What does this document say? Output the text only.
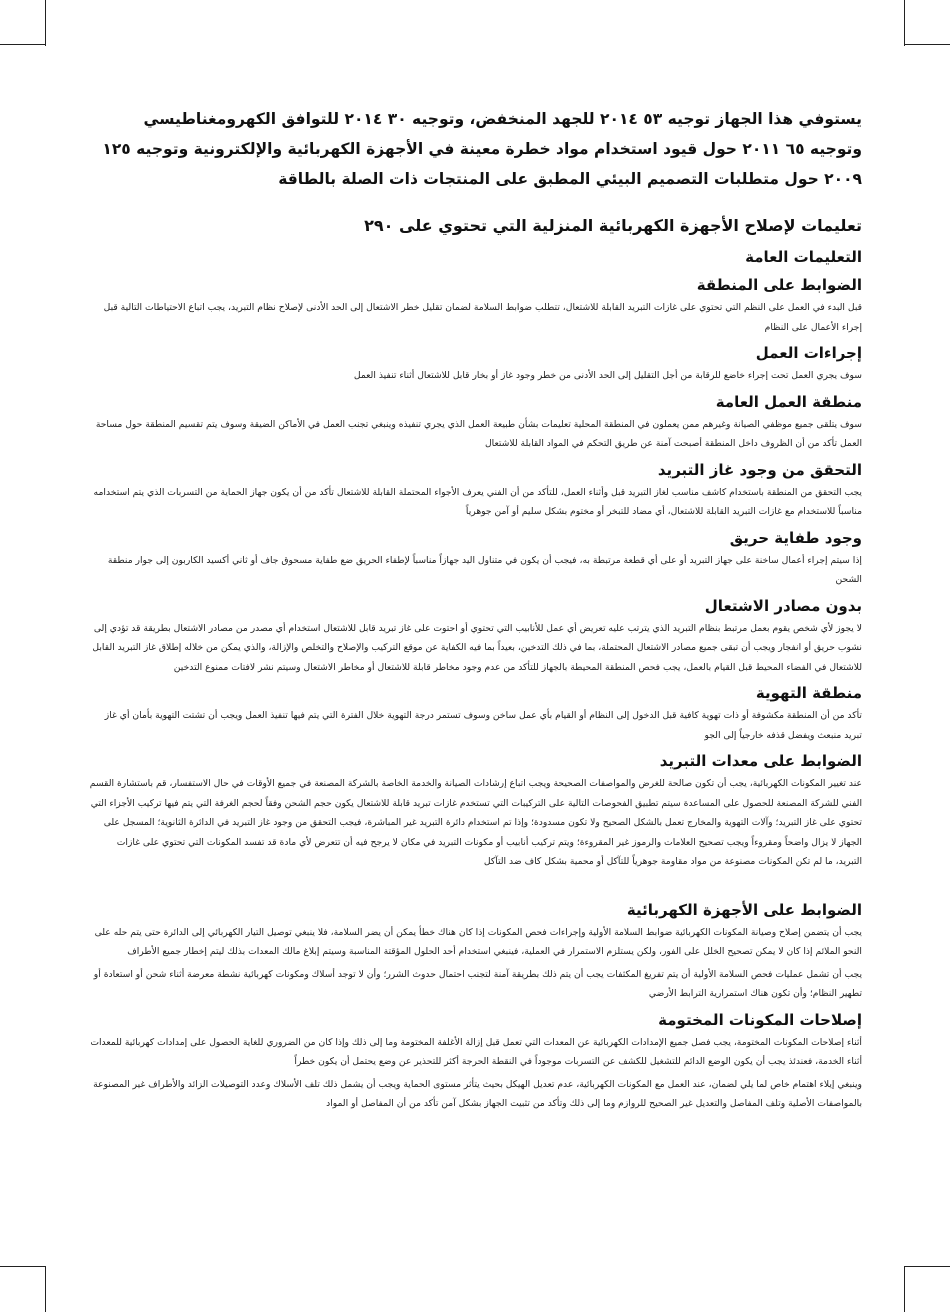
يستوفي هذا الجهاز توجيه ٥٣ ٢٠١٤ للجهد المنخفض، وتوجيه ٣٠ ٢٠١٤ للتوافق الكهرومغناطيسي وتوجيه ٦٥ ٢٠١١ حول قيود استخدام مواد خطرة معينة في الأجهزة الكهربائية والإلكترونية وتوجيه ١٢٥ ٢٠٠٩ حول متطلبات التصميم البيئي المطبق على المنتجات ذات الصلة بالطاقة

تعليمات لإصلاح الأجهزة الكهربائية المنزلية التي تحتوي على ٢٩٠
التعليمات العامة
الضوابط على المنطقة

قبل البدء في العمل على النظم التي تحتوي على غازات التبريد القابلة للاشتعال، تتطلب ضوابط السلامة لضمان تقليل خطر الاشتعال إلى الحد الأدنى لإصلاح نظام التبريد، يجب اتباع الاحتياطات التالية قبل إجراء الأعمال على النظام

إجراءات العمل

سوف يجري العمل تحت إجراء خاضع للرقابة من أجل التقليل إلى الحد الأدنى من خطر وجود غاز أو بخار قابل للاشتعال أثناء تنفيذ العمل

منطقة العمل العامة

سوف يتلقى جميع موظفي الصيانة وغيرهم ممن يعملون في المنطقة المحلية تعليمات بشأن طبيعة العمل الذي يجري تنفيذه وينبغي تجنب العمل في الأماكن الضيقة وسوف يتم تقسيم المنطقة حول مساحة العمل تأكد من أن الظروف داخل المنطقة أصبحت آمنة عن طريق التحكم في المواد القابلة للاشتعال

التحقق من وجود غاز التبريد

يجب التحقق من المنطقة باستخدام كاشف مناسب لغاز التبريد قبل وأثناء العمل، للتأكد من أن الفني يعرف الأجواء المحتملة القابلة للاشتعال تأكد من أن يكون جهاز الحماية من التسربات الذي يتم استخدامه مناسباً للاستخدام مع غازات التبريد القابلة للاشتعال، أي مضاد للتبخر أو مختوم بشكل سليم أو آمن جوهرياً

وجود طفاية حريق

إذا سيتم إجراء أعمال ساخنة على جهاز التبريد أو على أي قطعة مرتبطة به، فيجب أن يكون في متناول اليد جهازاً مناسباً لإطفاء الحريق ضع طفاية مسحوق جاف أو ثاني أكسيد الكاربون إلى جوار منطقة الشحن

بدون مصادر الاشتعال

لا يجوز لأي شخص يقوم بعمل مرتبط بنظام التبريد الذي يترتب عليه تعريض أي عمل للأنابيب التي تحتوي أو احتوت على غاز تبريد قابل للاشتعال استخدام أي مصدر من مصادر الاشتعال بطريقة قد تؤدي إلى نشوب حريق أو انفجار ويجب أن تبقى جميع مصادر الاشتعال المحتملة، بما في ذلك التدخين، بعيداً بما فيه الكفاية عن موقع التركيب والإصلاح والتخلص والإزالة، والذي يمكن من خلاله إطلاق غاز التبريد القابل للاشتعال في الفضاء المحيط قبل القيام بالعمل، يجب فحص المنطقة المحيطة بالجهاز للتأكد من عدم وجود مخاطر قابلة للاشتعال أو مخاطر الاشتعال وسيتم نشر لافتات ممنوع التدخين

منطقة التهوية

تأكد من أن المنطقة مكشوفة أو ذات تهوية كافية قبل الدخول إلى النظام أو القيام بأي عمل ساخن وسوف تستمر درجة التهوية خلال الفترة التي يتم فيها تنفيذ العمل ويجب أن تشتت التهوية بأمان أي غاز تبريد منبعث ويفضل قذفه خارجياً إلى الجو

الضوابط على معدات التبريد

عند تغيير المكونات الكهربائية، يجب أن تكون صالحة للغرض والمواصفات الصحيحة ويجب اتباع إرشادات الصيانة والخدمة الخاصة بالشركة المصنعة في جميع الأوقات في حال الاستفسار، قم باستشارة القسم الفني للشركة المصنعة للحصول على المساعدة سيتم تطبيق الفحوصات التالية على التركيبات التي تستخدم غازات تبريد قابلة للاشتعال يكون حجم الشحن وفقاً لحجم الغرفة التي يتم فيها تركيب الأجزاء التي تحتوي على غاز التبريد؛ وآلات التهوية والمخارج تعمل بالشكل الصحيح ولا تكون مسدودة؛ وإذا تم استخدام دائرة التبريد غير المباشرة، فيجب التحقق من وجود غاز التبريد في الدائرة الثانوية؛ المسجل على الجهاز لا يزال واضحاً ومقروءاً ويجب تصحيح العلامات والرموز غير المقروءة؛ ويتم تركيب أنابيب أو مكونات التبريد في مكان لا يرجح فيه أن تتعرض لأي مادة قد تفسد المكونات التي تحتوي على غازات التبريد، ما لم تكن المكونات مصنوعة من مواد مقاومة جوهرياً للتآكل أو محمية بشكل كاف ضد التآكل

الضوابط على الأجهزة الكهربائية

يجب أن يتضمن إصلاح وصيانة المكونات الكهربائية ضوابط السلامة الأولية وإجراءات فحص المكونات إذا كان هناك خطأ يمكن أن يضر السلامة، فلا ينبغي توصيل التيار الكهربائي إلى الدائرة حتى يتم حله على النحو الملائم إذا كان لا يمكن تصحيح الخلل على الفور، ولكن يستلزم الاستمرار في العملية، فينبغي استخدام أحد الحلول المؤقتة المناسبة وسيتم إبلاغ مالك المعدات بذلك ليتم إخطار جميع الأطراف

يجب أن تشمل عمليات فحص السلامة الأولية أن يتم تفريغ المكثفات يجب أن يتم ذلك بطريقة آمنة لتجنب احتمال حدوث الشرر؛ وأن لا توجد أسلاك ومكونات كهربائية نشطة معرضة أثناء شحن أو استعادة أو تطهير النظام؛ وأن تكون هناك استمرارية الترابط الأرضي

إصلاحات المكونات المختومة

أثناء إصلاحات المكونات المختومة، يجب فصل جميع الإمدادات الكهربائية عن المعدات التي تعمل قبل إزالة الأغلفة المختومة وما إلى ذلك وإذا كان من الضروري للغاية الحصول على إمدادات كهربائية للمعدات أثناء الخدمة، فعندئذ يجب أن يكون الوضع الدائم للتشغيل للكشف عن التسربات موجوداً في النقطة الحرجة أكثر للتحذير عن وضع يحتمل أن يكون خطراً

وينبغي إيلاء اهتمام خاص لما يلي لضمان، عند العمل مع المكونات الكهربائية، عدم تعديل الهيكل بحيث يتأثر مستوى الحماية ويجب أن يشمل ذلك تلف الأسلاك وعدد التوصيلات الزائد والأطراف غير المصنوعة بالمواصفات الأصلية وتلف المفاصل والتعديل غير الصحيح للروازم وما إلى ذلك وتأكد من تثبيت الجهاز بشكل آمن تأكد من أن المفاصل أو المواد
